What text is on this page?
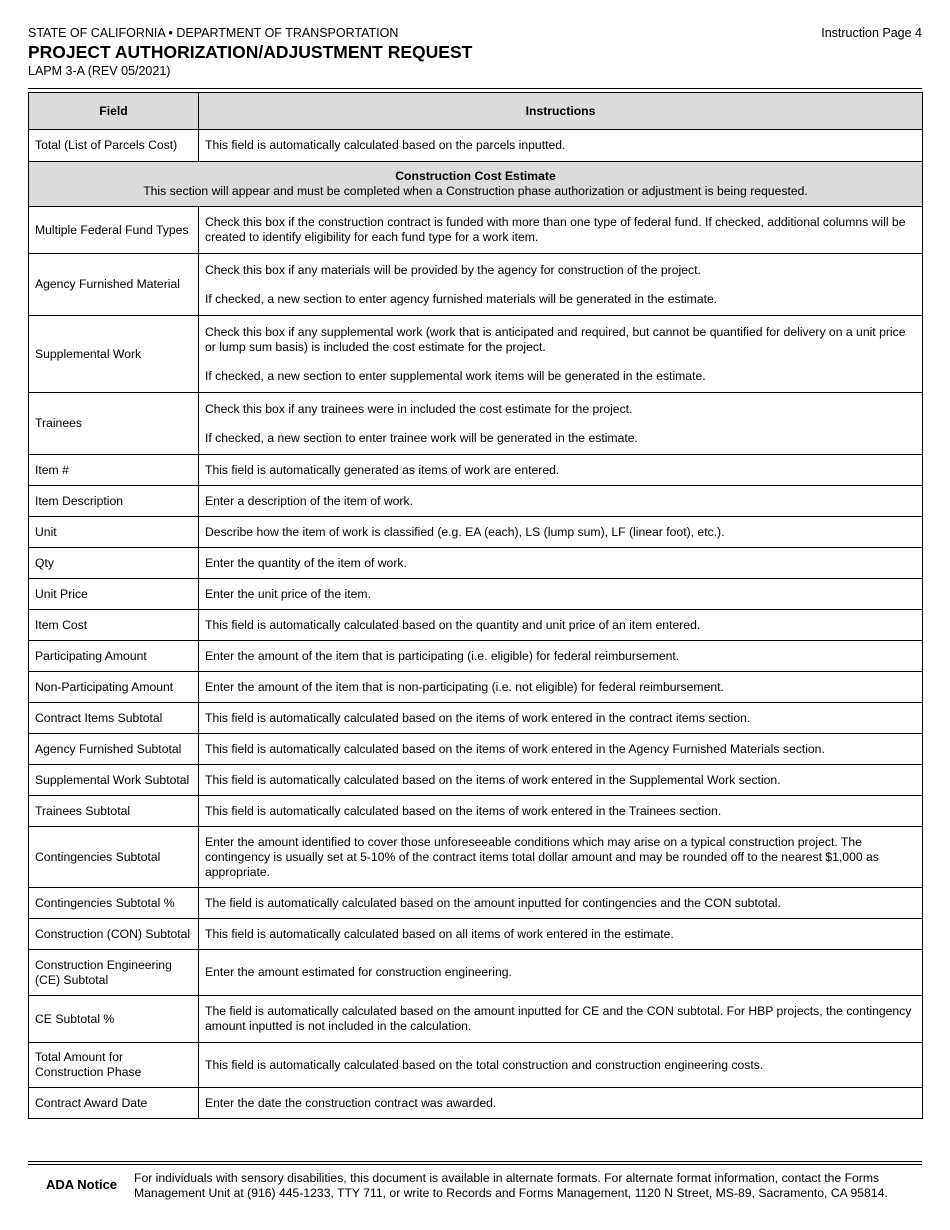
STATE OF CALIFORNIA • DEPARTMENT OF TRANSPORTATION
PROJECT AUTHORIZATION/ADJUSTMENT REQUEST
LAPM 3-A (REV 05/2021)
Instruction Page 4
Field	Instructions
Total (List of Parcels Cost)	This field is automatically calculated based on the parcels inputted.

Construction Cost Estimate
This section will appear and must be completed when a Construction phase authorization or adjustment is being requested.	

Multiple Federal Fund Types	Check this box if the construction contract is funded with more than one type of federal fund. If checked, additional columns will be created to identify eligibility for each fund type for a work item.
Agency Furnished Material	Check this box if any materials will be provided by the agency for construction of the project.
If checked, a new section to enter agency furnished materials will be generated in the estimate.

Supplemental Work	Check this box if any supplemental work (work that is anticipated and required, but cannot be quantified for delivery on a unit price or lump sum basis) is included the cost estimate for the project.
If checked, a new section to enter supplemental work items will be generated in the estimate.

Trainees	Check this box if any trainees were in included the cost estimate for the project.
If checked, a new section to enter trainee work will be generated in the estimate.

Item #	This field is automatically generated as items of work are entered.
Item Description	Enter a description of the item of work.
Unit	Describe how the item of work is classified (e.g. EA (each), LS (lump sum), LF (linear foot), etc.).
Qty	Enter the quantity of the item of work.
Unit Price	Enter the unit price of the item.
Item Cost	This field is automatically calculated based on the quantity and unit price of an item entered.
Participating Amount	Enter the amount of the item that is participating (i.e. eligible) for federal reimbursement.
Non-Participating Amount	Enter the amount of the item that is non-participating (i.e. not eligible) for federal reimbursement.
Contract Items Subtotal	This field is automatically calculated based on the items of work entered in the contract items section.
Agency Furnished Subtotal	This field is automatically calculated based on the items of work entered in the Agency Furnished Materials section.
Supplemental Work Subtotal	This field is automatically calculated based on the items of work entered in the Supplemental Work section.
Trainees Subtotal	This field is automatically calculated based on the items of work entered in the Trainees section.
Contingencies Subtotal	Enter the amount identified to cover those unforeseeable conditions which may arise on a typical construction project. The contingency is usually set at 5-10% of the contract items total dollar amount and may be rounded off to the nearest $1,000 as appropriate.
Contingencies Subtotal %	The field is automatically calculated based on the amount inputted for contingencies and the CON subtotal.
Construction (CON) Subtotal	This field is automatically calculated based on all items of work entered in the estimate.
Construction Engineering (CE) Subtotal	Enter the amount estimated for construction engineering.
CE Subtotal %	The field is automatically calculated based on the amount inputted for CE and the CON subtotal. For HBP projects, the contingency amount inputted is not included in the calculation.
Total Amount for Construction Phase	This field is automatically calculated based on the total construction and construction engineering costs.
Contract Award Date	Enter the date the construction contract was awarded.
ADA Notice For individuals with sensory disabilities, this document is available in alternate formats. For alternate format information, contact the Forms Management Unit at (916) 445-1233, TTY 711, or write to Records and Forms Management, 1120 N Street, MS-89, Sacramento, CA 95814.
